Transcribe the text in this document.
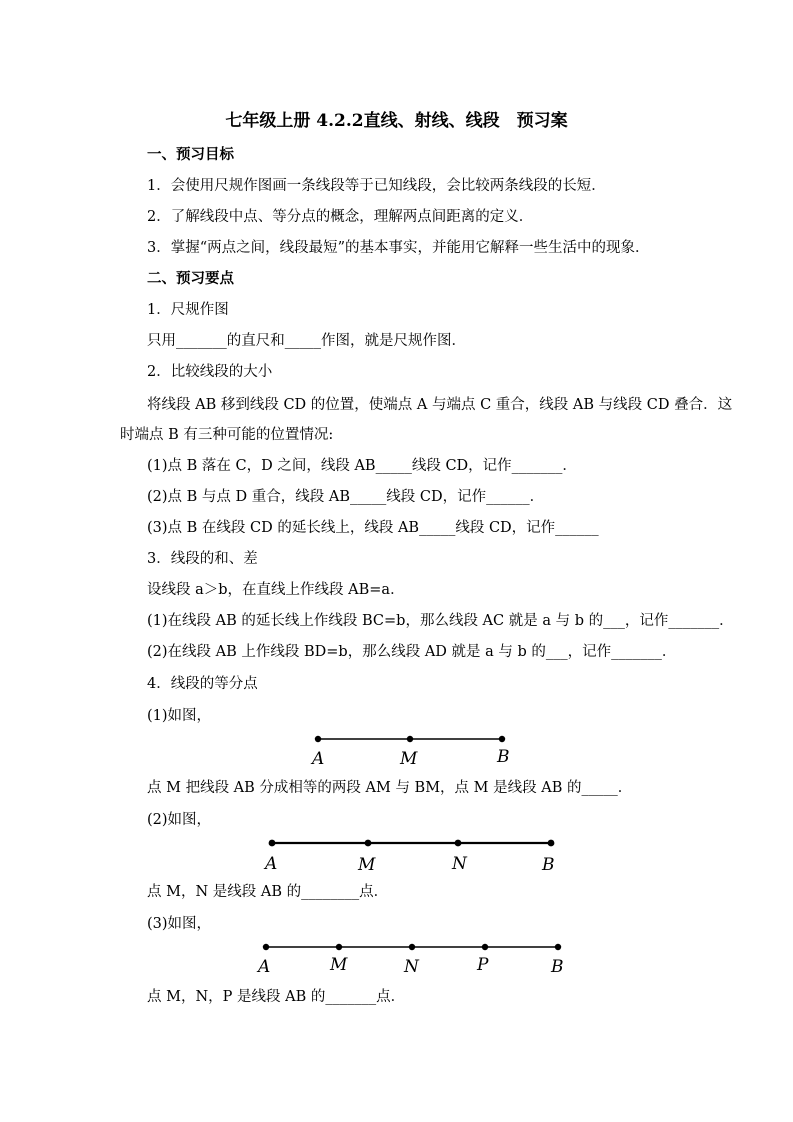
七年级上册 4.2.2直线、射线、线段　预习案
一、预习目标
1．会使用尺规作图画一条线段等于已知线段，会比较两条线段的长短．
2．了解线段中点、等分点的概念，理解两点间距离的定义．
3．掌握“两点之间，线段最短”的基本事实，并能用它解释一些生活中的现象．
二、预习要点
1．尺规作图
只用_______的直尺和_____作图，就是尺规作图．
2．比较线段的大小
将线段 AB 移到线段 CD 的位置，使端点 A 与端点 C 重合，线段 AB 与线段 CD 叠合．这
时端点 B 有三种可能的位置情况:
(1)点 B 落在 C，D 之间，线段 AB_____线段 CD，记作_______．
(2)点 B 与点 D 重合，线段 AB_____线段 CD，记作______．
(3)点 B 在线段 CD 的延长线上，线段 AB_____线段 CD，记作______
3．线段的和、差
设线段 a＞b，在直线上作线段 AB=a．
(1)在线段 AB 的延长线上作线段 BC=b，那么线段 AC 就是 a 与 b 的___，记作_______．
(2)在线段 AB 上作线段 BD=b，那么线段 AD 就是 a 与 b 的___，记作_______．
4．线段的等分点
(1)如图，
A	M	B
A	M	N	B
A	M	N	P	B
点 M 把线段 AB 分成相等的两段 AM 与 BM，点 M 是线段 AB 的_____．
(2)如图，
点 M，N 是线段 AB 的________点．
(3)如图，
点 M，N，P 是线段 AB 的_______点．
